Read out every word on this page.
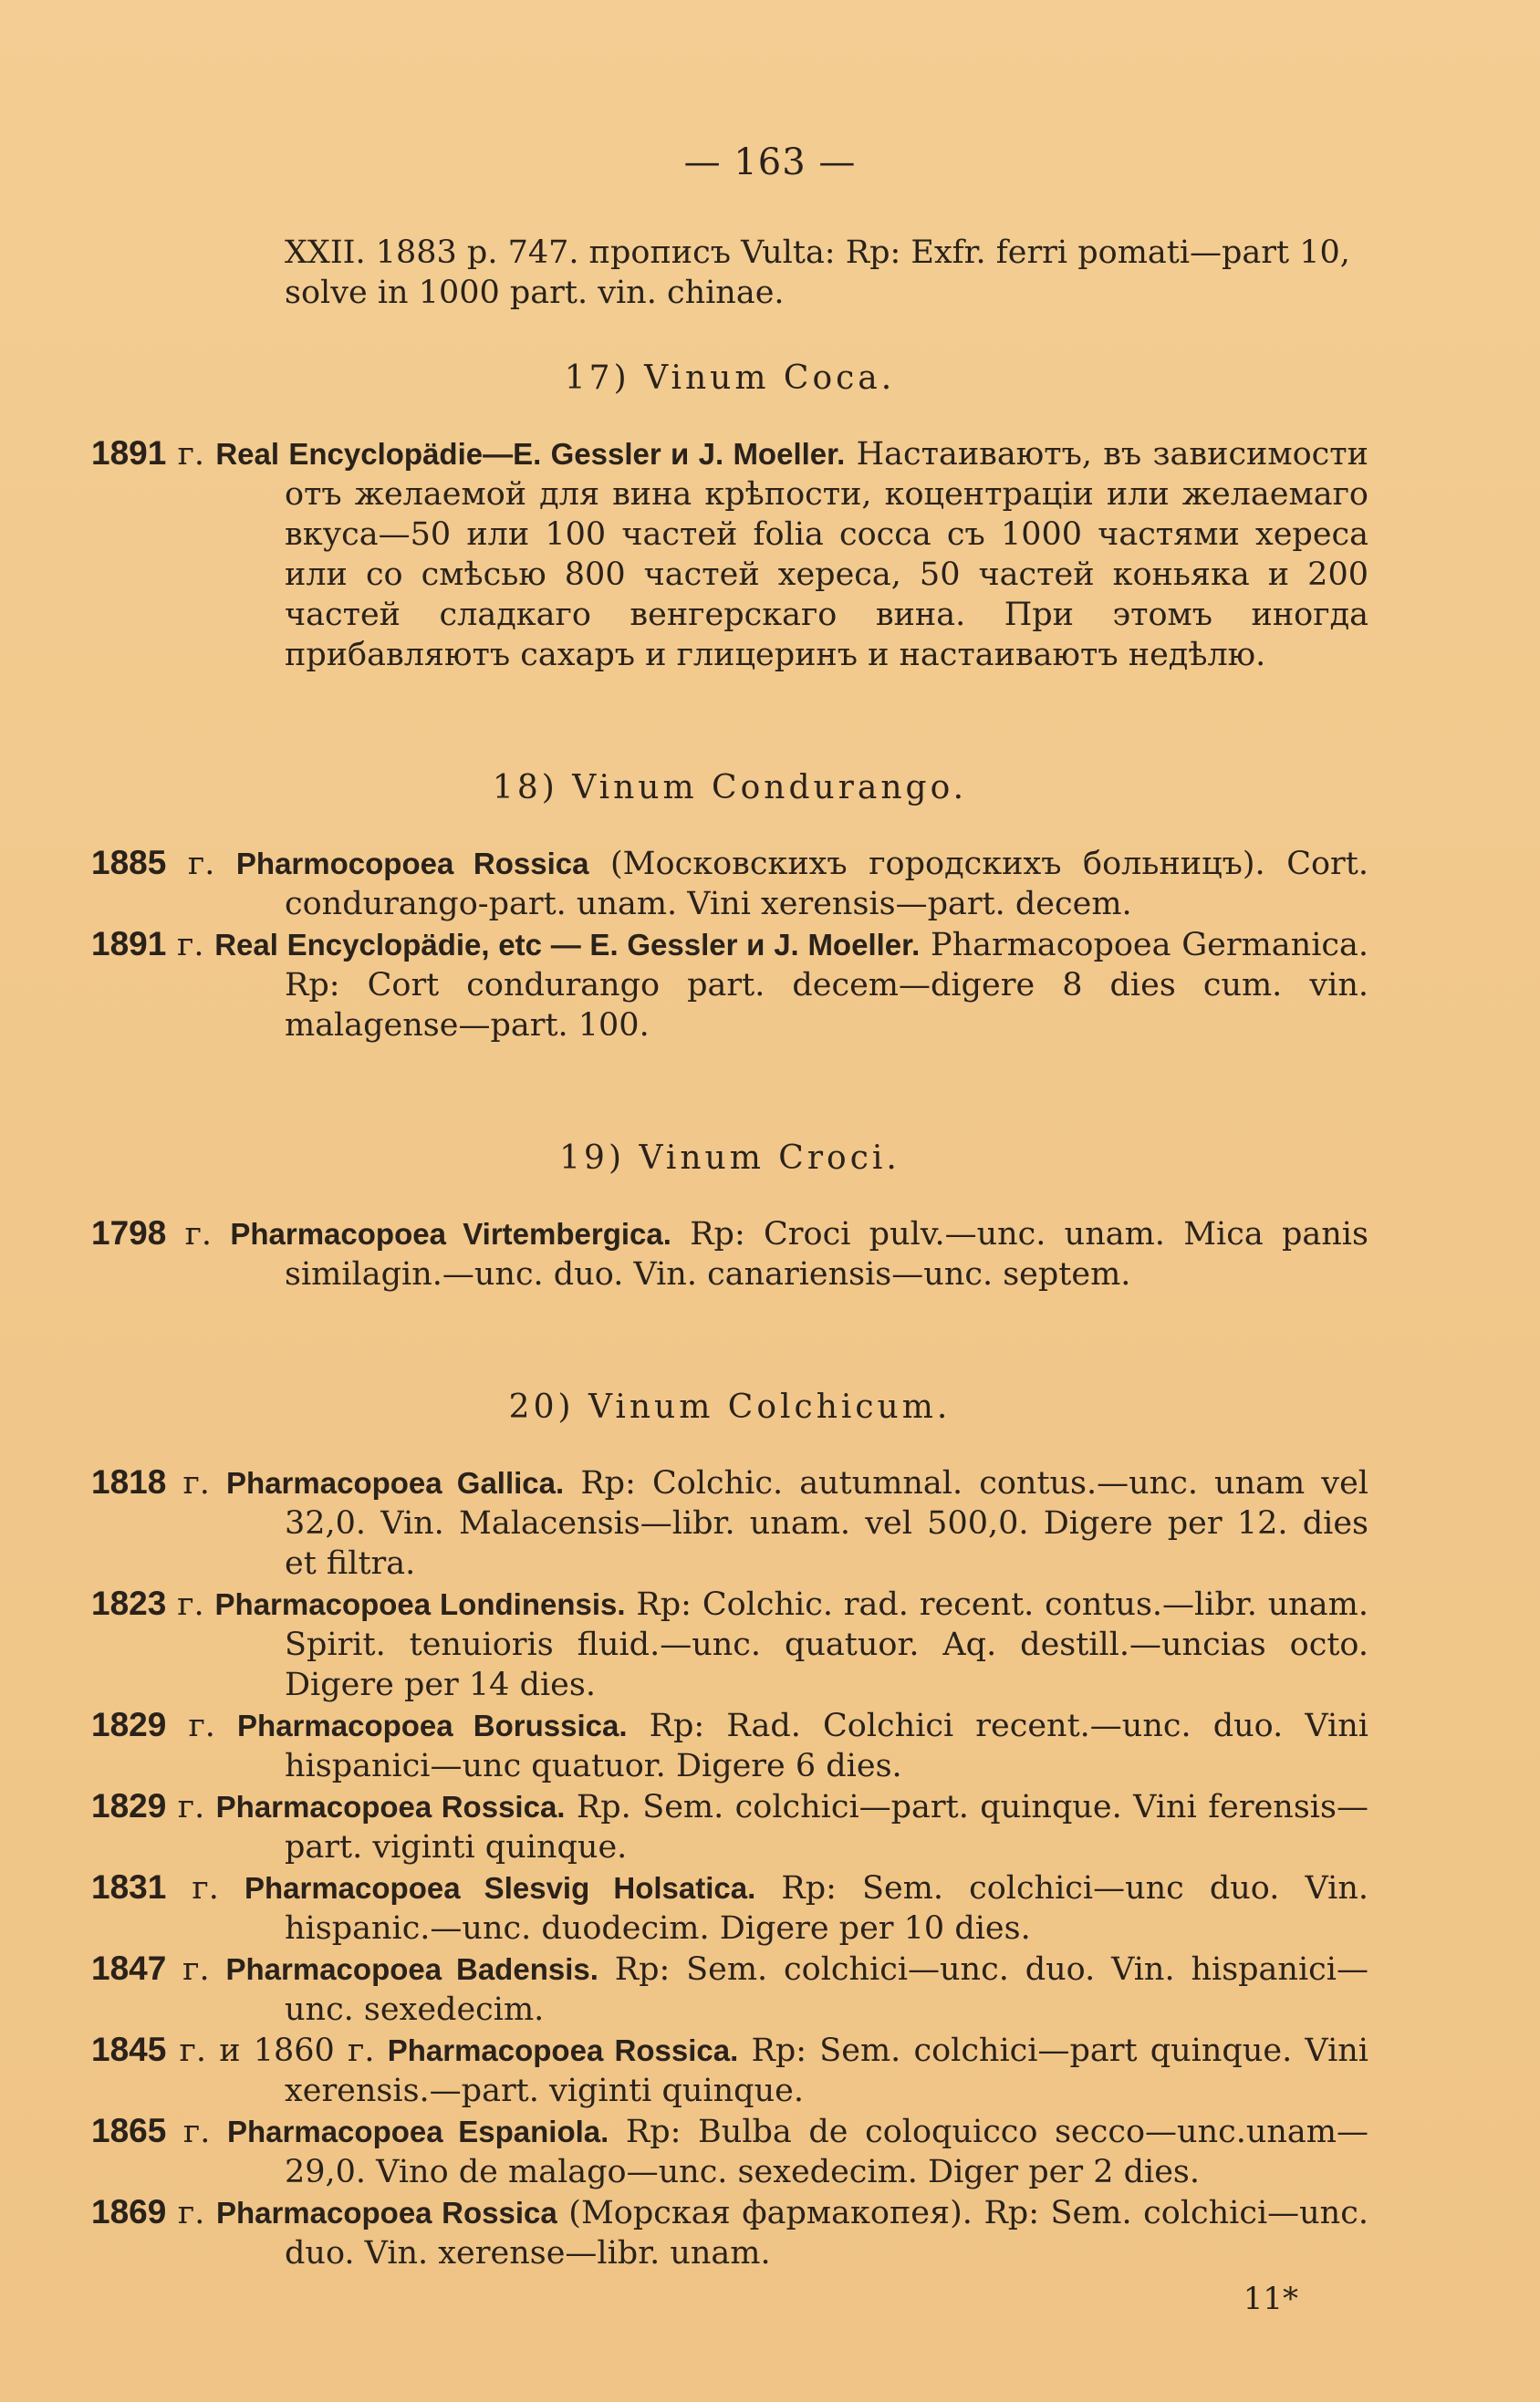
— 163 —
XXII. 1883 р. 747. прописъ Vulta: Rp: Exfr. ferri pomati—part 10, solve in 1000 part. vin. chinae.
17) Vinum Coca.
1891 г. Real Encyclopädie—E. Gessler и J. Moeller. Настаиваютъ, въ зависимости отъ желаемой для вина крѣпости, коцентраціи или желаемаго вкуса—50 или 100 частей folia cocca съ 1000 частями хереса или со смѣсью 800 частей хереса, 50 частей коньяка и 200 частей сладкаго венгерскаго вина. При этомъ иногда прибавляютъ сахаръ и глицеринъ и настаиваютъ недѣлю.
18) Vinum Condurango.
1885 г. Pharmocopoea Rossica (Московскихъ городскихъ больницъ). Cort. condurango-part. unam. Vini xerensis—part. decem.
1891 г. Real Encyclopädie, etc — E. Gessler и J. Moeller. Pharmacopoea Germanica. Rp: Cort condurango part. decem—digere 8 dies cum. vin. malagense—part. 100.
19) Vinum Croci.
1798 г. Pharmacopoea Virtembergica. Rp: Croci pulv.—unc. unam. Mica panis similagin.—unc. duo. Vin. canariensis—unc. septem.
20) Vinum Colchicum.
1818 г. Pharmacopoea Gallica. Rp: Colchic. autumnal. contus.—unc. unam vel 32,0. Vin. Malacensis—libr. unam. vel 500,0. Digere per 12. dies et filtra.
1823 г. Pharmacopoea Londinensis. Rp: Colchic. rad. recent. contus.—libr. unam. Spirit. tenuioris fluid.—unc. quatuor. Aq. destill.—uncias octo. Digere per 14 dies.
1829 г. Pharmacopoea Borussica. Rp: Rad. Colchici recent.—unc. duo. Vini hispanici—unc quatuor. Digere 6 dies.
1829 г. Pharmacopoea Rossica. Rp. Sem. colchici—part. quinque. Vini ferensis—part. viginti quinque.
1831 г. Pharmacopoea Slesvig Holsatica. Rp: Sem. colchici—unc duo. Vin. hispanic.—unc. duodecim. Digere per 10 dies.
1847 г. Pharmacopoea Badensis. Rp: Sem. colchici—unc. duo. Vin. hispanici—unc. sexedecim.
1845 г. и 1860 г. Pharmacopoea Rossica. Rp: Sem. colchici—part quinque. Vini xerensis.—part. viginti quinque.
1865 г. Pharmacopoea Espaniola. Rp: Bulba de coloquicco secco—unc.unam—29,0. Vino de malago—unc. sexedecim. Diger per 2 dies.
1869 г. Pharmacopoea Rossica (Морская фармакопея). Rp: Sem. colchici—unc. duo. Vin. xerense—libr. unam.
11*
